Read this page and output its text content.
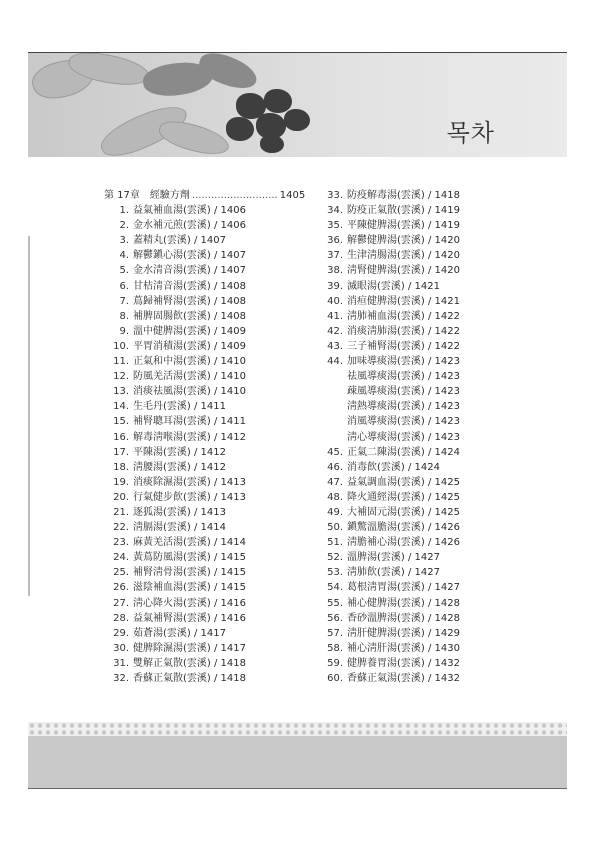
목차
第 17章 經驗方劑 ........................... 1405
1. 益氣補血湯(雲溪) / 1406
2. 金水補元煎(雲溪) / 1406
3. 蓋精丸(雲溪) / 1407
4. 解鬱鎭心湯(雲溪) / 1407
5. 金水清音湯(雲溪) / 1407
6. 甘桔清音湯(雲溪) / 1408
7. 蔦歸補腎湯(雲溪) / 1408
8. 補脾固腸飮(雲溪) / 1408
9. 溫中健脾湯(雲溪) / 1409
10. 平胃消積湯(雲溪) / 1409
11. 正氣和中湯(雲溪) / 1410
12. 防風羌活湯(雲溪) / 1410
13. 消痰祛風湯(雲溪) / 1410
14. 生毛丹(雲溪) / 1411
15. 補腎聰耳湯(雲溪) / 1411
16. 解毒淸喉湯(雲溪) / 1412
17. 平陳湯(雲溪) / 1412
18. 淸腰湯(雲溪) / 1412
19. 消痰除濕湯(雲溪) / 1413
20. 行氣健步飮(雲溪) / 1413
21. 逐狐湯(雲溪) / 1413
22. 淸膈湯(雲溪) / 1414
23. 麻黃羌活湯(雲溪) / 1414
24. 黃蔦防風湯(雲溪) / 1415
25. 補腎淸骨湯(雲溪) / 1415
26. 滋陰補血湯(雲溪) / 1415
27. 淸心降火湯(雲溪) / 1416
28. 益氣補腎湯(雲溪) / 1416
29. 茹蒼湯(雲溪) / 1417
30. 健脾除濕湯(雲溪) / 1417
31. 雙解正氣散(雲溪) / 1418
32. 香蘇正氣散(雲溪) / 1418
33. 防疫解毒湯(雲溪) / 1418
34. 防疫正氣散(雲溪) / 1419
35. 平陳健脾湯(雲溪) / 1419
36. 解鬱健脾湯(雲溪) / 1420
37. 生津淸腸湯(雲溪) / 1420
38. 淸腎健脾湯(雲溪) / 1420
39. 滅眼湯(雲溪) / 1421
40. 消疸健脾湯(雲溪) / 1421
41. 淸肺補血湯(雲溪) / 1422
42. 消痰淸肺湯(雲溪) / 1422
43. 三子補腎湯(雲溪) / 1422
44. 加味導痰湯(雲溪) / 1423
祛風導痰湯(雲溪) / 1423
疎風導痰湯(雲溪) / 1423
淸熱導痰湯(雲溪) / 1423
消風導痰湯(雲溪) / 1423
淸心導痰湯(雲溪) / 1423
45. 正氣二陳湯(雲溪) / 1424
46. 消毒飮(雲溪) / 1424
47. 益氣調血湯(雲溪) / 1425
48. 降火通經湯(雲溪) / 1425
49. 大補固元湯(雲溪) / 1425
50. 鎭驚溫膽湯(雲溪) / 1426
51. 淸膽補心湯(雲溪) / 1426
52. 溫脾湯(雲溪) / 1427
53. 淸肺飮(雲溪) / 1427
54. 葛根淸胃湯(雲溪) / 1427
55. 補心健脾湯(雲溪) / 1428
56. 香砂溫脾湯(雲溪) / 1428
57. 淸肝健脾湯(雲溪) / 1429
58. 補心淸肝湯(雲溪) / 1430
59. 健脾養胃湯(雲溪) / 1432
60. 香蘇正氣湯(雲溪) / 1432
